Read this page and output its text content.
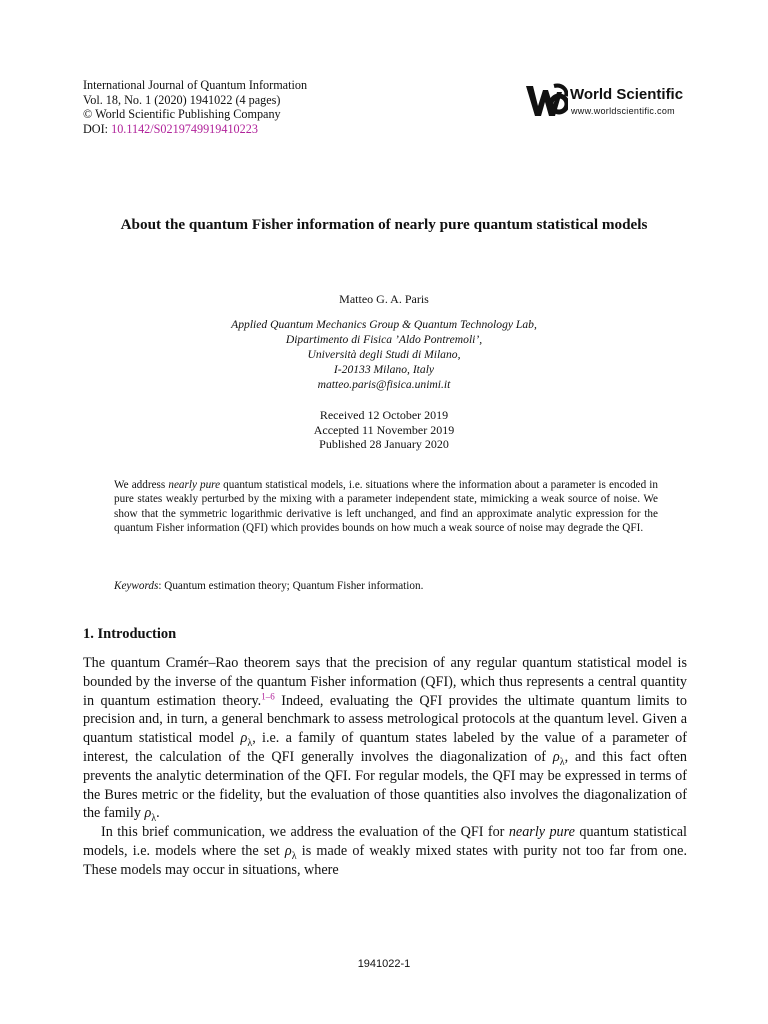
International Journal of Quantum Information
Vol. 18, No. 1 (2020) 1941022 (4 pages)
© World Scientific Publishing Company
DOI: 10.1142/S0219749919410223
World Scientific
www.worldscientific.com
About the quantum Fisher information of nearly pure quantum statistical models
Matteo G. A. Paris
Applied Quantum Mechanics Group & Quantum Technology Lab,
Dipartimento di Fisica ’Aldo Pontremoli’,
Università degli Studi di Milano,
I-20133 Milano, Italy
matteo.paris@fisica.unimi.it
Received 12 October 2019
Accepted 11 November 2019
Published 28 January 2020

We address nearly pure quantum statistical models, i.e. situations where the information about a parameter is encoded in pure states weakly perturbed by the mixing with a parameter independent state, mimicking a weak source of noise. We show that the symmetric logarithmic derivative is left unchanged, and find an approximate analytic expression for the quantum Fisher information (QFI) which provides bounds on how much a weak source of noise may degrade the QFI.

Keywords: Quantum estimation theory; Quantum Fisher information.
1. Introduction

The quantum Cramér–Rao theorem says that the precision of any regular quantum statistical model is bounded by the inverse of the quantum Fisher information (QFI), which thus represents a central quantity in quantum estimation theory.$^{1-6}$ Indeed, evaluating the QFI provides the ultimate quantum limits to precision and, in turn, a general benchmark to assess metrological protocols at the quantum level. Given a quantum statistical model $\rho_\lambda$, i.e. a family of quantum states labeled by the value of a parameter of interest, the calculation of the QFI generally involves the diagonalization of $\rho_\lambda$, and this fact often prevents the analytic determination of the QFI. For regular models, the QFI may be expressed in terms of the Bures metric or the fidelity, but the evaluation of those quantities also involves the diagonalization of the family $\rho_\lambda$.

In this brief communication, we address the evaluation of the QFI for nearly pure quantum statistical models, i.e. models where the set $\rho_\lambda$ is made of weakly mixed states with purity not too far from one. These models may occur in situations, where

1941022-1
